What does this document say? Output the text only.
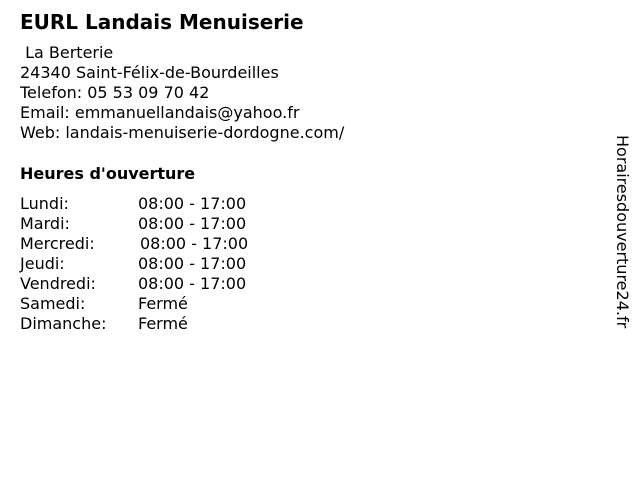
EURL Landais Menuiserie
La Berterie
24340 Saint-Félix-de-Bourdeilles
Telefon: 05 53 09 70 42
Email: emmanuellandais@yahoo.fr
Web: landais-menuiserie-dordogne.com/
Heures d'ouverture
Lundi:	08:00 - 17:00
Mardi:	08:00 - 17:00
Mercredi:	08:00 - 17:00
Jeudi:	08:00 - 17:00
Vendredi:	08:00 - 17:00
Samedi:	Fermé
Dimanche: Fermé	Horairesdouverture24.fr
